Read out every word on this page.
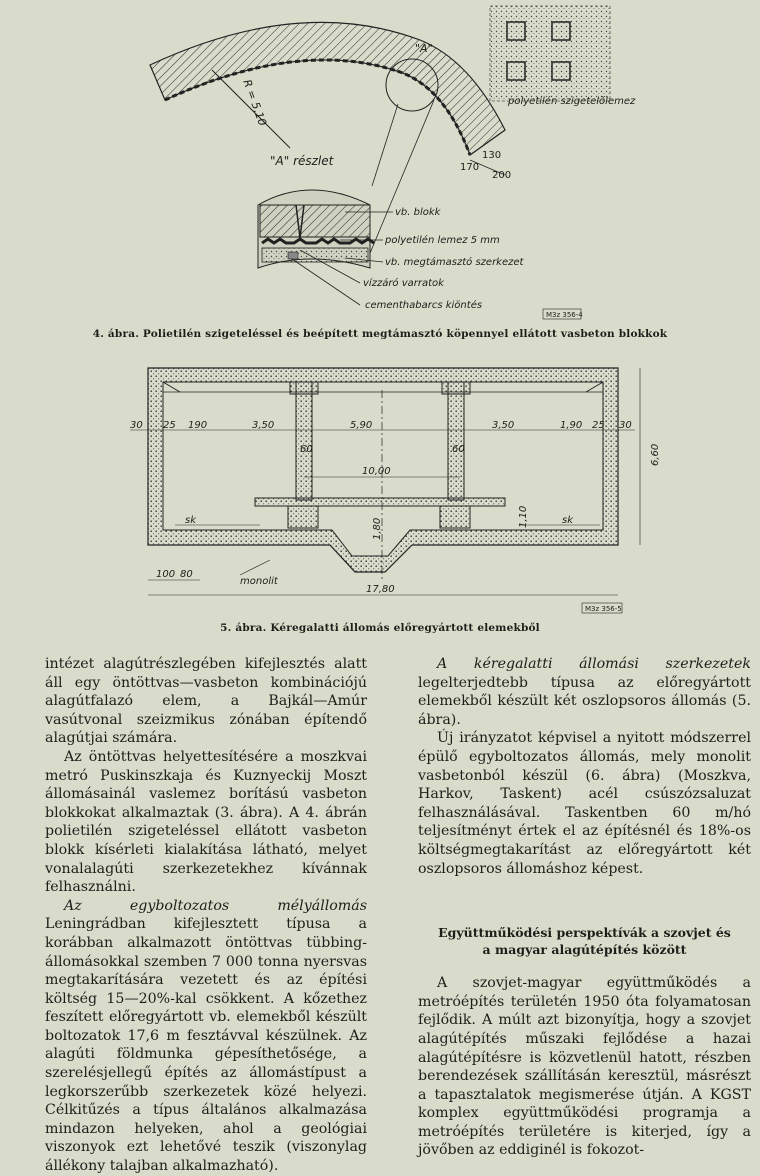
R = 5,10
"A"
170
130
200
polyetilén szigetelőlemez
"A" részlet
vb. blokk
polyetilén lemez 5 mm
vb. megtámasztó szerkezet
vízzáró varratok
cementhabarcs kiöntés
M3z 356-4
4. ábra. Polietilén szigeteléssel és beépített megtámasztó köpennyel ellátott vasbeton blokkok
30 25 190	3,50	5,90	3,50	1,90 25 30
60	60
10,00
6,60
1,80
1,10
sk	sk
100 80
monolit
17,80
M3z 356-5
5. ábra. Kéregalatti állomás előregyártott elemekből

intézet alagútrészlegében kifejlesztés alatt áll egy öntöttvas—vasbeton kombinációjú alagútfalazó elem, a Bajkál—Amúr vasútvonal szeizmikus zónában építendő alagútjai számára.

Az öntöttvas helyettesítésére a moszkvai metró Puskinszkaja és Kuznyeckij Moszt állomásainál vaslemez borítású vasbeton blokkokat alkalmaztak (3. ábra). A 4. ábrán polietilén szigeteléssel ellátott vasbeton blokk kísérleti kialakítása látható, melyet vonalalagúti szerkezetekhez kívánnak felhasználni.

Az egyboltozatos mélyállomás Leningrádban kifejlesztett típusa a korábban alkalmazott öntöttvas tübbing-állomásokkal szemben 7 000 tonna nyersvas megtakarítására vezetett és az építési költség 15—20%-kal csökkent. A kőzethez feszített előregyártott vb. elemekből készült boltozatok 17,6 m fesztávval készülnek. Az alagúti földmunka gépesíthetősége, a szerelésjellegű építés az állomástípust a legkorszerűbb szerkezetek közé helyezi. Célkitűzés a típus általános alkalmazása mindazon helyeken, ahol a geológiai viszonyok ezt lehetővé teszik (viszonylag állékony talajban alkalmazható).

A kéregalatti állomási szerkezetek legelterjedtebb típusa az előregyártott elemekből készült két oszlopsoros állomás (5. ábra).

Új irányzatot képvisel a nyitott módszerrel épülő egyboltozatos állomás, mely monolit vasbetonból készül (6. ábra) (Moszkva, Harkov, Taskent) acél csúszózsaluzat felhasználásával. Taskentben 60 m/hó teljesítményt értek el az építésnél és 18%-os költségmegtakarítást az előregyártott két oszlopsoros állomáshoz képest.

Együttműködési perspektívák a szovjet és
a magyar alagútépítés között

A szovjet-magyar együttműködés a metróépítés területén 1950 óta folyamatosan fejlődik. A múlt azt bizonyítja, hogy a szovjet alagútépítés műszaki fejlődése a hazai alagútépítésre is közvetlenül hatott, részben berendezések szállításán keresztül, másrészt a tapasztalatok megismerése útján. A KGST komplex együttműködési programja a metróépítés területére is kiterjed, így a jövőben az eddiginél is fokozot-
